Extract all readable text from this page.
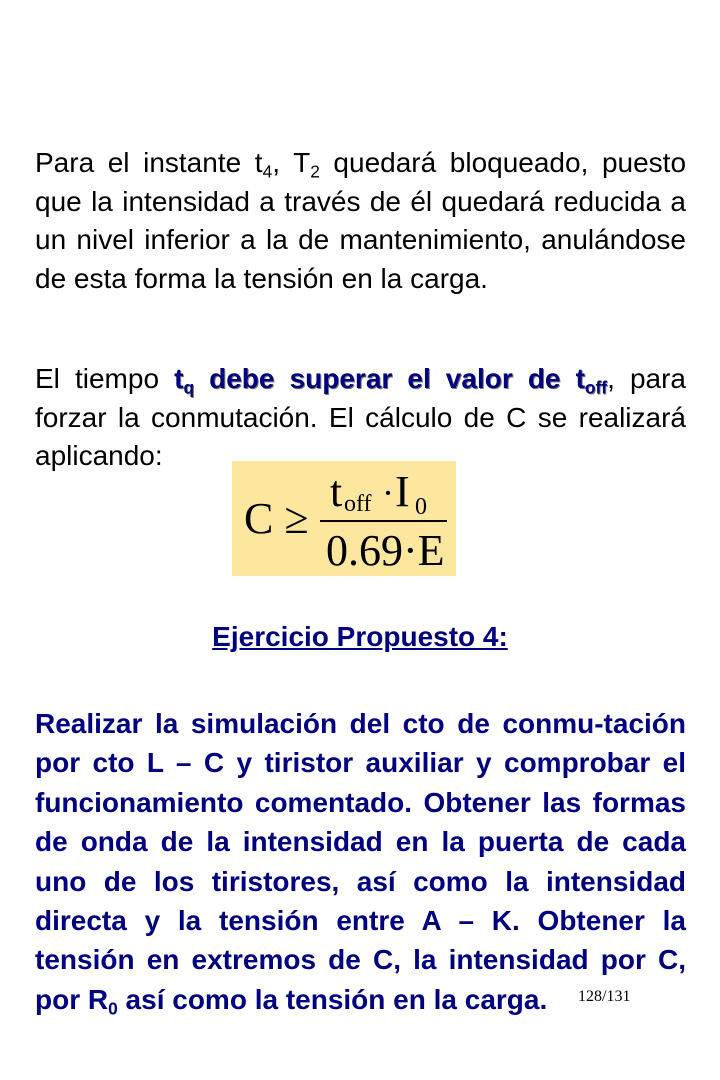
Para el instante $t_4$, $T_2$ quedará bloqueado, puesto que la intensidad a través de él quedará reducida a un nivel inferior a la de mantenimiento, anulándose de esta forma la tensión en la carga.

El tiempo $t_q$ debe superar el valor de $t_{off}$, para forzar la conmutación. El cálculo de C se realizará aplicando:

C ≥
t off · I 0
0.69·E
Ejercicio Propuesto 4:

Realizar la simulación del cto de conmu-tación por cto L – C y tiristor auxiliar y comprobar el funcionamiento comentado. Obtener las formas de onda de la intensidad en la puerta de cada uno de los tiristores, así como la intensidad directa y la tensión entre A – K. Obtener la tensión en extremos de C, la intensidad por C, por $R_0$ así como la tensión en la carga.	128/131
